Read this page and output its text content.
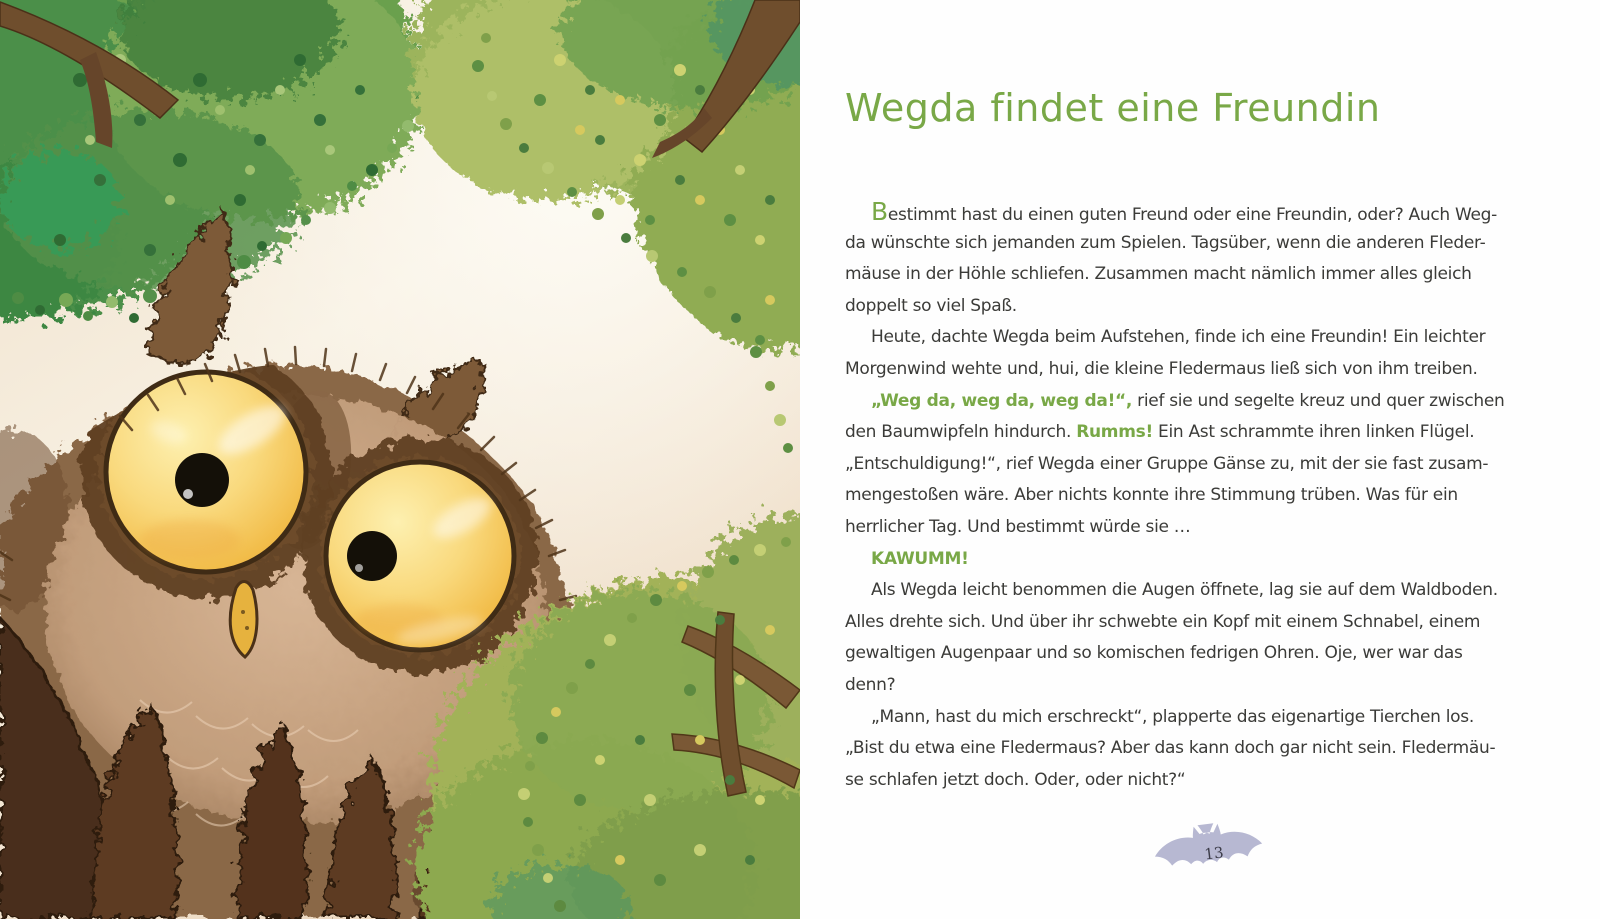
Wegda findet eine Freundin
Bestimmt hast du einen guten Freund oder eine Freundin, oder? Auch Weg-
da wünschte sich jemanden zum Spielen. Tagsüber, wenn die anderen Fleder-
mäuse in der Höhle schliefen. Zusammen macht nämlich immer alles gleich
doppelt so viel Spaß.
Heute, dachte Wegda beim Aufstehen, finde ich eine Freundin! Ein leichter
Morgenwind wehte und, hui, die kleine Fledermaus ließ sich von ihm treiben.
„Weg da, weg da, weg da!“, rief sie und segelte kreuz und quer zwischen
den Baumwipfeln hindurch. Rumms! Ein Ast schrammte ihren linken Flügel.
„Entschuldigung!“, rief Wegda einer Gruppe Gänse zu, mit der sie fast zusam-
mengestoßen wäre. Aber nichts konnte ihre Stimmung trüben. Was für ein
herrlicher Tag. Und bestimmt würde sie …
KAWUMM!
Als Wegda leicht benommen die Augen öffnete, lag sie auf dem Waldboden.
Alles drehte sich. Und über ihr schwebte ein Kopf mit einem Schnabel, einem
gewaltigen Augenpaar und so komischen fedrigen Ohren. Oje, wer war das
denn?
„Mann, hast du mich erschreckt“, plapperte das eigenartige Tierchen los.
„Bist du etwa eine Fledermaus? Aber das kann doch gar nicht sein. Fledermäu-
se schlafen jetzt doch. Oder, oder nicht?“
13
